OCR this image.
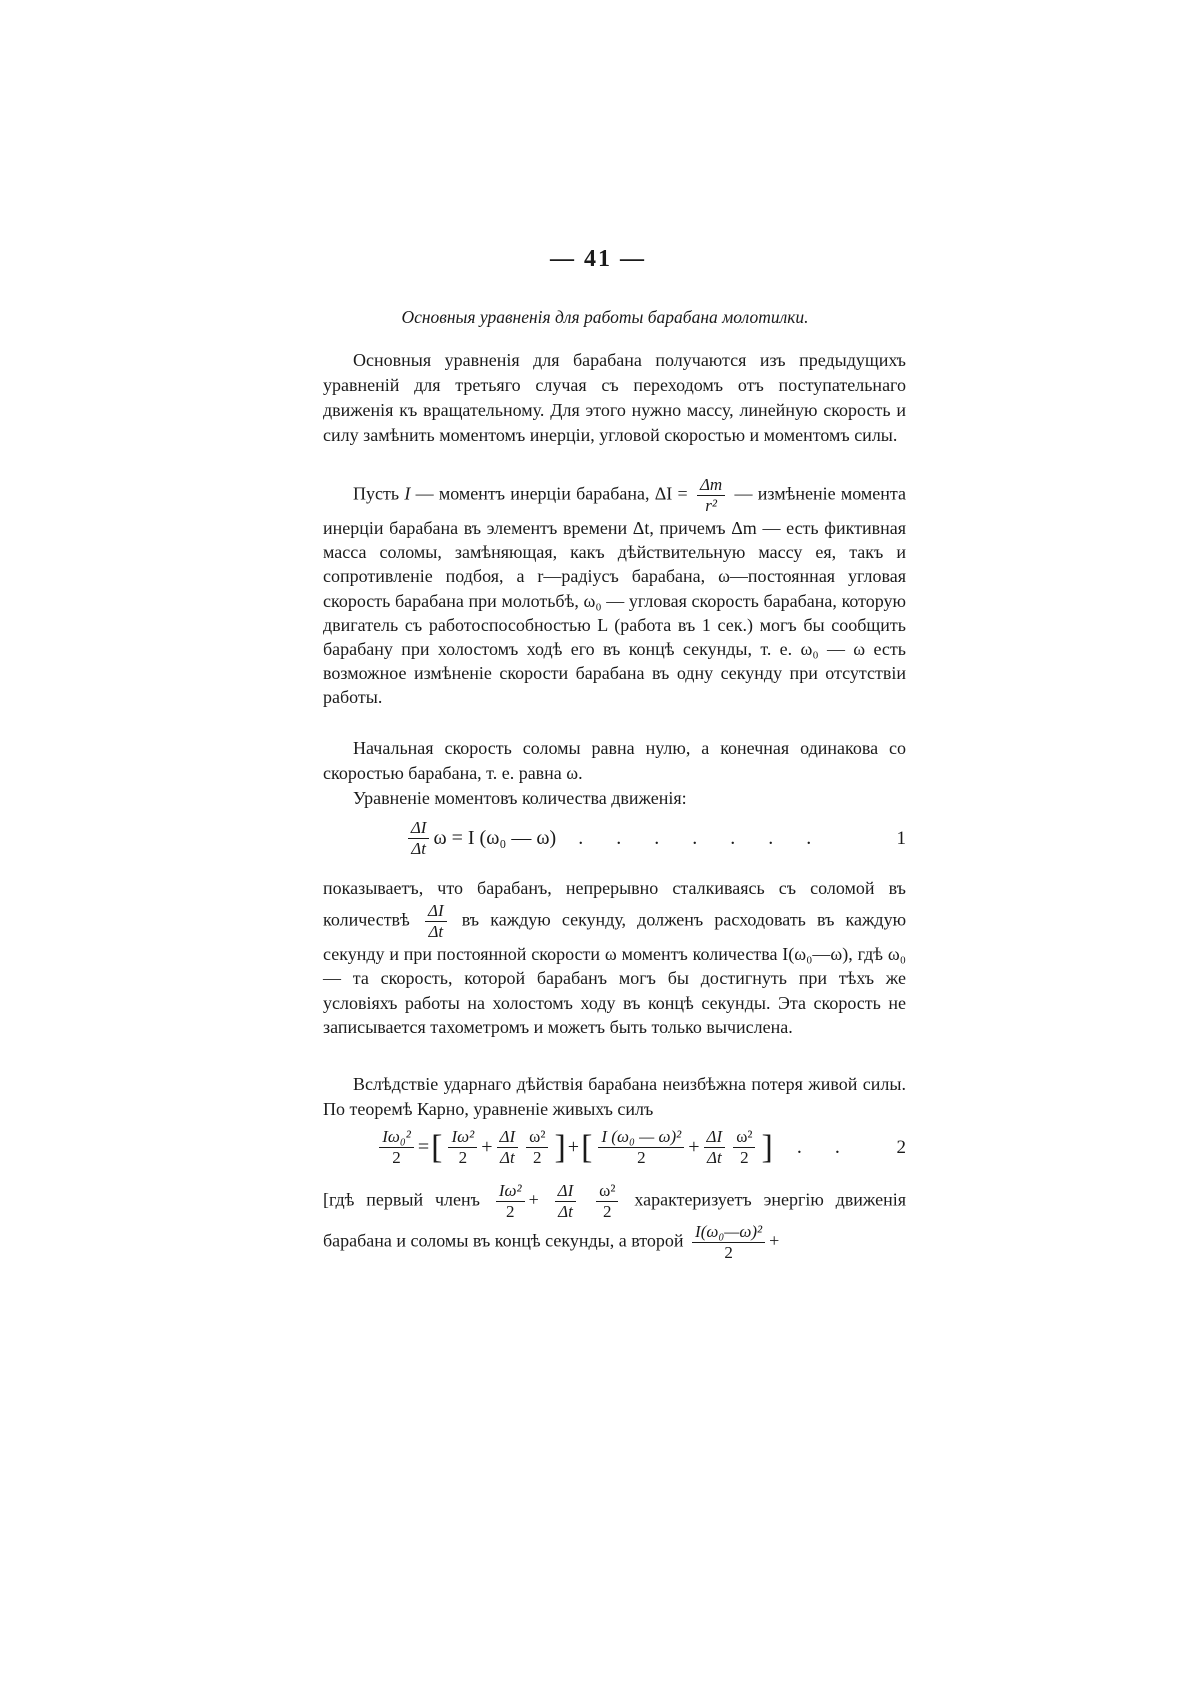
— 41 —
Основныя уравненія для работы барабана молотилки.
Основныя уравненія для барабана получаются изъ предыдущихъ уравненій для третьяго случая съ переходомъ отъ поступательнаго движенія къ вращательному. Для этого нужно массу, линейную скорость и силу замѣнить моментомъ инерціи, угловой скоростью и моментомъ силы.
Пусть I — моментъ инерціи барабана, $\Delta I = \frac{\Delta m}{\text{r²}}$ — измѣненіе момента инерціи барабана въ элементъ времени Δt, причемъ Δm — есть фиктивная масса соломы, замѣняющая, какъ дѣйствительную массу ея, такъ и сопротивленіе подбоя, а r—радіусъ барабана, ω—постоянная угловая скорость барабана при молотьбѣ, ω₀ — угловая скорость барабана, которую двигатель съ работоспособностью L (работа въ 1 сек.) могъ бы сообщить барабану при холостомъ ходѣ его въ концѣ секунды, т. е. ω₀ — ω есть возможное измѣненіе скорости барабана въ одну секунду при отсутствіи работы.
Начальная скорость соломы равна нулю, а конечная одинакова со скоростью барабана, т. е. равна ω.
Уравненіе моментовъ количества движенія:
$\frac{\Delta I}{\Delta t}$ ω = I (ω₀ — ω) . . . . . . .	1
показываетъ, что барабанъ, непрерывно сталкиваясь съ соломой въ количествѣ $\frac{\Delta I}{\Delta t}$ въ каждую секунду, долженъ расходовать въ каждую секунду и при постоянной скорости ω моментъ количества I(ω₀—ω), гдѣ ω₀— та скорость, которой барабанъ могъ бы достигнуть при тѣхъ же условіяхъ работы на холостомъ ходу въ концѣ секунды. Эта скорость не записывается тахометромъ и можетъ быть только вычислена.
Вслѣдствіе ударнаго дѣйствія барабана неизбѣжна потеря живой силы. По теоремѣ Карно, уравненіе живыхъ силъ
$\frac{\text{Iω₀²}}{2}$ = [ $\frac{\text{Iω²}}{2} + \frac{\Delta I}{\Delta t} \frac{\text{ω²}}{2}$ ] + [ $\frac{\text{I (ω₀ — ω)²}}{2} + \frac{\Delta I}{\Delta t} \frac{\text{ω²}}{2}$ ] . . 2
[гдѣ первый членъ $\frac{\text{Iω²}}{2} + \frac{\Delta I}{\Delta t}$
$\frac{\text{ω²}}{2}$ характеризуетъ энергію движенія барабана и соломы въ концѣ секунды, а второй $\frac{\text{I(ω₀—ω)²}}{2}$ +
